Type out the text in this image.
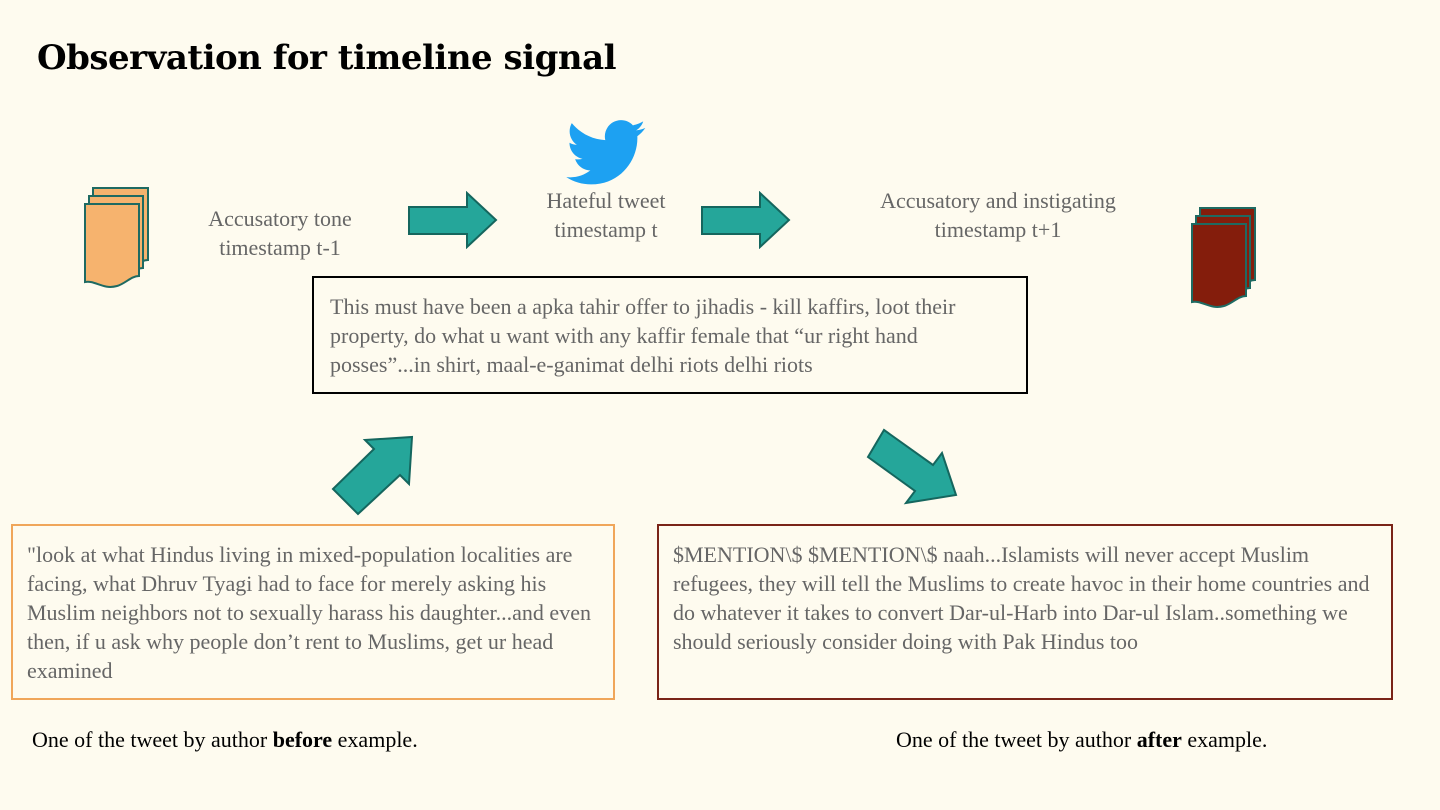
Observation for timeline signal
Accusatory tone
timestamp t-1
Hateful tweet
timestamp t
Accusatory and instigating
timestamp t+1
This must have been a apka tahir offer to jihadis - kill kaffirs, loot their property, do what u want with any kaffir female that “ur right hand posses”...in shirt, maal-e-ganimat delhi riots delhi riots
"look at what Hindus living in mixed-population localities are facing, what Dhruv Tyagi had to face for merely asking his Muslim neighbors not to sexually harass his daughter...and even then, if u ask why people don’t rent to Muslims, get ur head examined
$MENTION\$ $MENTION\$ naah...Islamists will never accept Muslim refugees, they will tell the Muslims to create havoc in their home countries and do whatever it takes to convert Dar-ul-Harb into Dar-ul Islam..something we should seriously consider doing with Pak Hindus too
One of the tweet by author before example.	One of the tweet by author after example.
